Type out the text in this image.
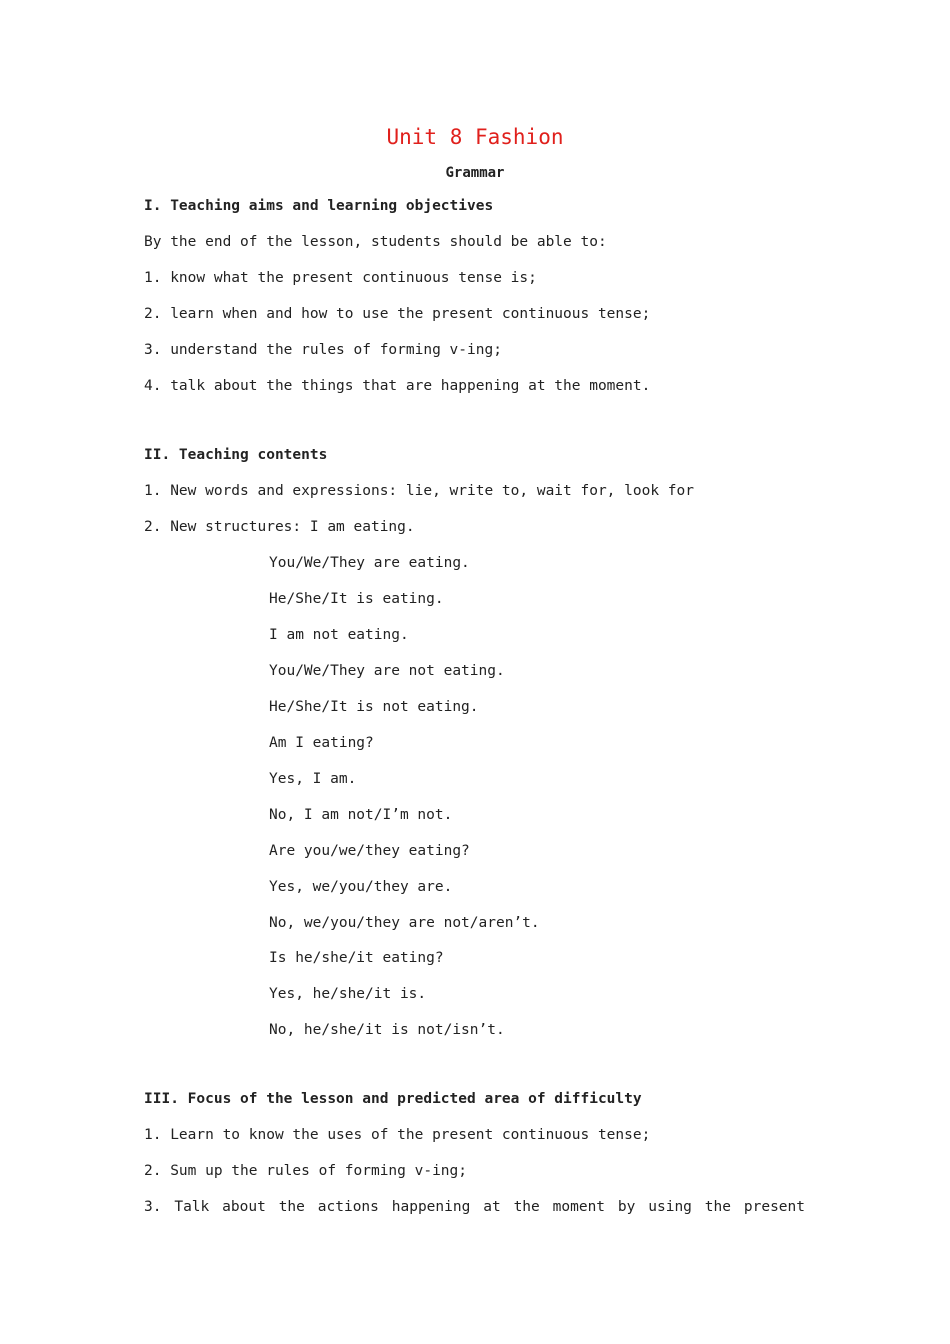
Unit 8 Fashion
Grammar
I. Teaching aims and learning objectives
By the end of the lesson, students should be able to:
1. know what the present continuous tense is;
2. learn when and how to use the present continuous tense;
3. understand the rules of forming v-ing;
4. talk about the things that are happening at the moment.
II. Teaching contents
1. New words and expressions: lie, write to, wait for, look for
2. New structures: I am eating.
You/We/They are eating.
He/She/It is eating.
I am not eating.
You/We/They are not eating.
He/She/It is not eating.
Am I eating?
Yes, I am.
No, I am not/I’m not.
Are you/we/they eating?
Yes, we/you/they are.
No, we/you/they are not/aren’t.
Is he/she/it eating?
Yes, he/she/it is.
No, he/she/it is not/isn’t.
III. Focus of the lesson and predicted area of difficulty
1. Learn to know the uses of the present continuous tense;
2. Sum up the rules of forming v-ing;
3. Talk about the actions happening at the moment by using the present
